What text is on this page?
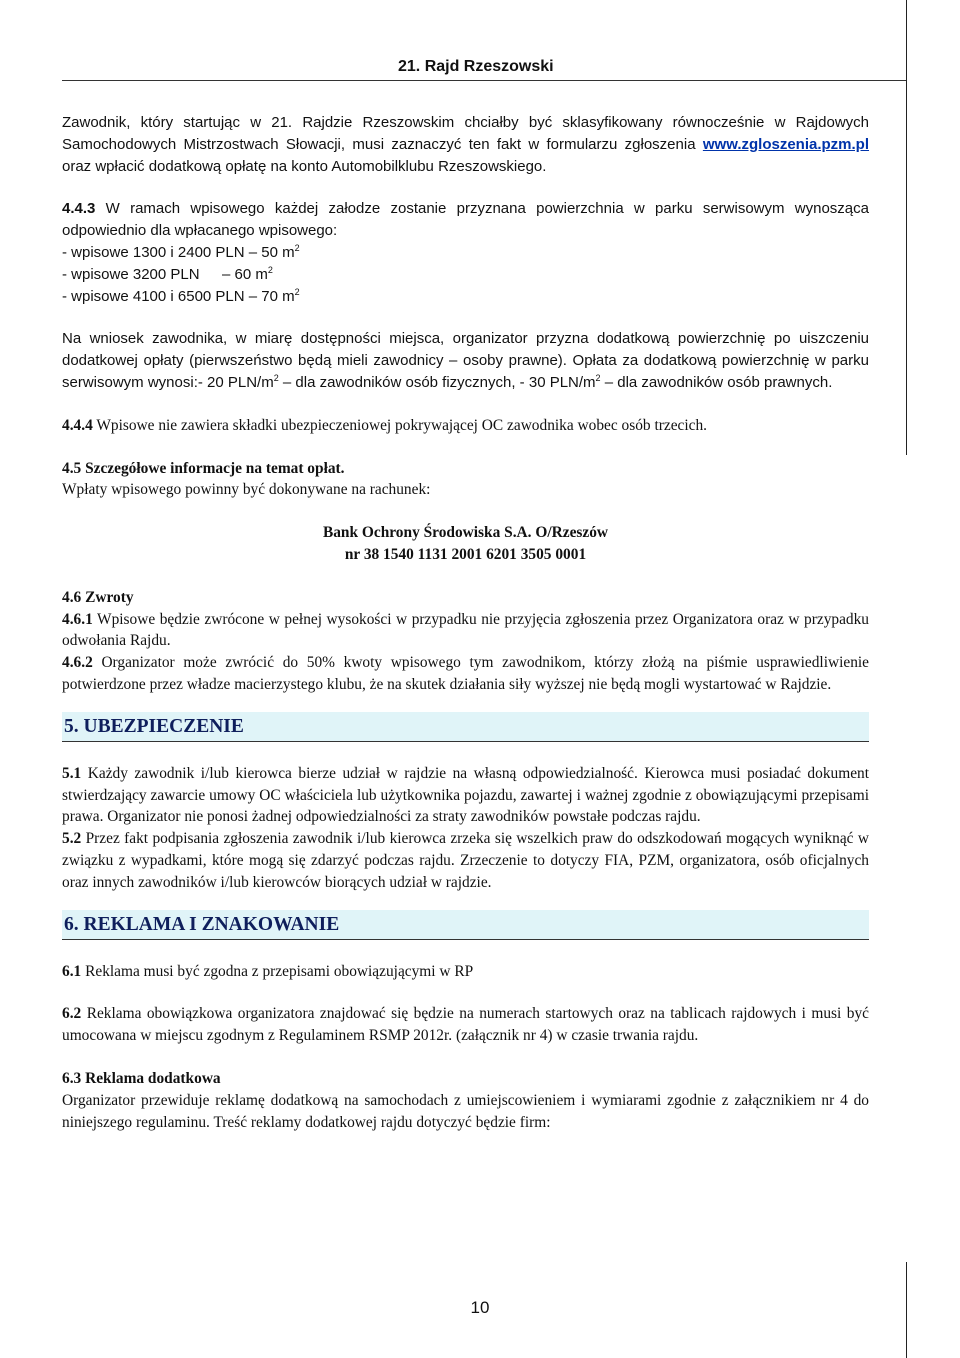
21. Rajd Rzeszowski

Zawodnik, który startując w 21. Rajdzie Rzeszowskim chciałby być sklasyfikowany równocześnie w Rajdowych Samochodowych Mistrzostwach Słowacji, musi zaznaczyć ten fakt w formularzu zgłoszenia www.zgloszenia.pzm.pl oraz wpłacić dodatkową opłatę na konto Automobilklubu Rzeszowskiego.

4.4.3 W ramach wpisowego każdej załodze zostanie przyznana powierzchnia w parku serwisowym wynosząca odpowiednio dla wpłacanego wpisowego:

- wpisowe 1300 i 2400 PLN – 50 $m^2$

- wpisowe 3200 PLN	– 60 $m^2$

- wpisowe 4100 i 6500 PLN – 70 $m^2$

Na wniosek zawodnika, w miarę dostępności miejsca, organizator przyzna dodatkową powierzchnię po uiszczeniu dodatkowej opłaty (pierwszeństwo będą mieli zawodnicy – osoby prawne). Opłata za dodatkową powierzchnię w parku serwisowym wynosi:- 20 PLN/$m^2$ – dla zawodników osób fizycznych, - 30 PLN/$m^2$ – dla zawodników osób prawnych.

4.4.4 Wpisowe nie zawiera składki ubezpieczeniowej pokrywającej OC zawodnika wobec osób trzecich.

4.5 Szczegółowe informacje na temat opłat.

Wpłaty wpisowego powinny być dokonywane na rachunek:

Bank Ochrony Środowiska S.A. O/Rzeszów

nr 38 1540 1131 2001 6201 3505 0001

4.6 Zwroty

4.6.1 Wpisowe będzie zwrócone w pełnej wysokości w przypadku nie przyjęcia zgłoszenia przez Organizatora oraz w przypadku odwołania Rajdu.

4.6.2 Organizator może zwrócić do 50% kwoty wpisowego tym zawodnikom, którzy złożą na piśmie usprawiedliwienie potwierdzone przez władze macierzystego klubu, że na skutek działania siły wyższej nie będą mogli wystartować w Rajdzie.

5. UBEZPIECZENIE

5.1 Każdy zawodnik i/lub kierowca bierze udział w rajdzie na własną odpowiedzialność. Kierowca musi posiadać dokument stwierdzający zawarcie umowy OC właściciela lub użytkownika pojazdu, zawartej i ważnej zgodnie z obowiązującymi przepisami prawa. Organizator nie ponosi żadnej odpowiedzialności za straty zawodników powstałe podczas rajdu.

5.2 Przez fakt podpisania zgłoszenia zawodnik i/lub kierowca zrzeka się wszelkich praw do odszkodowań mogących wyniknąć w związku z wypadkami, które mogą się zdarzyć podczas rajdu. Zrzeczenie to dotyczy FIA, PZM, organizatora, osób oficjalnych oraz innych zawodników i/lub kierowców biorących udział w rajdzie.

6. REKLAMA I ZNAKOWANIE

6.1 Reklama musi być zgodna z przepisami obowiązującymi w RP

6.2 Reklama obowiązkowa organizatora znajdować się będzie na numerach startowych oraz na tablicach rajdowych i musi być umocowana w miejscu zgodnym z Regulaminem RSMP 2012r. (załącznik nr 4) w czasie trwania rajdu.

6.3 Reklama dodatkowa

Organizator przewiduje reklamę dodatkową na samochodach z umiejscowieniem i wymiarami zgodnie z załącznikiem nr 4 do niniejszego regulaminu. Treść reklamy dodatkowej rajdu dotyczyć będzie firm:

10
